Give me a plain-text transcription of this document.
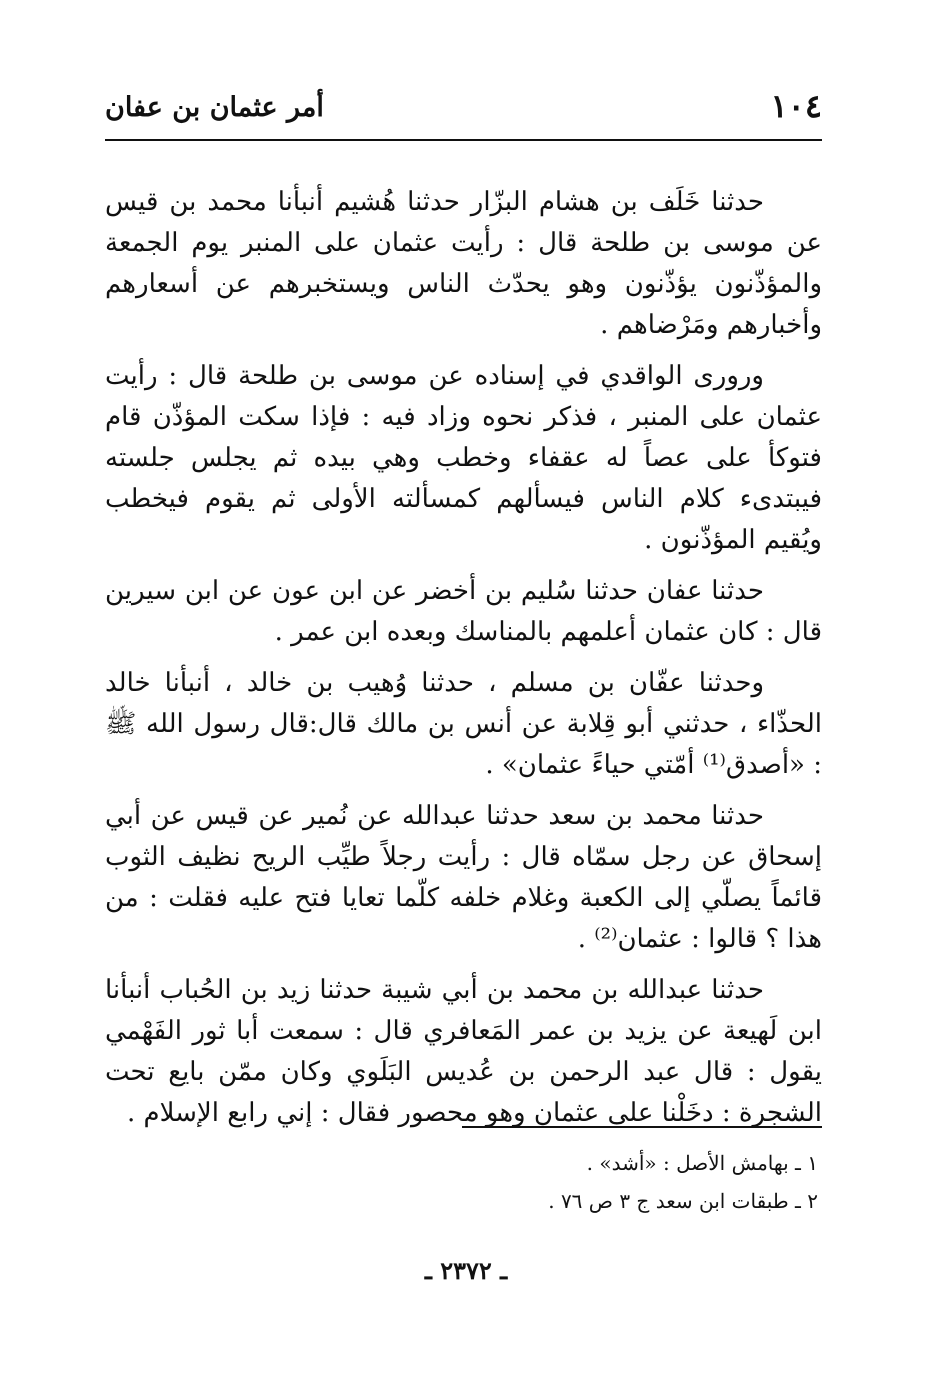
١٠٤
أمر عثمان بن عفان

حدثنا خَلَف بن هشام البزّار حدثنا هُشيم أنبأنا محمد بن قيس عن موسى بن طلحة قال : رأيت عثمان على المنبر يوم الجمعة والمؤذّنون يؤذّنون وهو يحدّث الناس ويستخبرهم عن أسعارهم وأخبارهم ومَرْضاهم .

ورورى الواقدي في إسناده عن موسى بن طلحة قال : رأيت عثمان على المنبر ، فذكر نحوه وزاد فيه : فإذا سكت المؤذّن قام فتوكأ على عصاً له عقفاء وخطب وهي بيده ثم يجلس جلسته فيبتدىء كلام الناس فيسألهم كمسألته الأولى ثم يقوم فيخطب ويُقيم المؤذّنون .

حدثنا عفان حدثنا سُليم بن أخضر عن ابن عون عن ابن سيرين قال : كان عثمان أعلمهم بالمناسك وبعده ابن عمر .

وحدثنا عفّان بن مسلم ، حدثنا وُهيب بن خالد ، أنبأنا خالد الحذّاء ، حدثني أبو قِلابة عن أنس بن مالك قال:قال رسول الله ﷺ : «أصدق⁽¹⁾ أمّتي حياءً عثمان» .

حدثنا محمد بن سعد حدثنا عبدالله عن نُمير عن قيس عن أبي إسحاق عن رجل سمّاه قال : رأيت رجلاً طيِّب الريح نظيف الثوب قائماً يصلّي إلى الكعبة وغلام خلفه كلّما تعايا فتح عليه فقلت : من هذا ؟ قالوا : عثمان⁽²⁾ .

حدثنا عبدالله بن محمد بن أبي شيبة حدثنا زيد بن الحُباب أنبأنا ابن لَهيعة عن يزيد بن عمر المَعافري قال : سمعت أبا ثور الفَهْمي يقول : قال عبد الرحمن بن عُديس البَلَوي وكان ممّن بايع تحت الشجرة : دخَلْنا على عثمان وهو محصور فقال : إني رابع الإسلام .

١ ـ بهامش الأصل : «أشد» .

٢ ـ طبقات ابن سعد ج ٣ ص ٧٦ .

ـ ٢٣٧٢ ـ
